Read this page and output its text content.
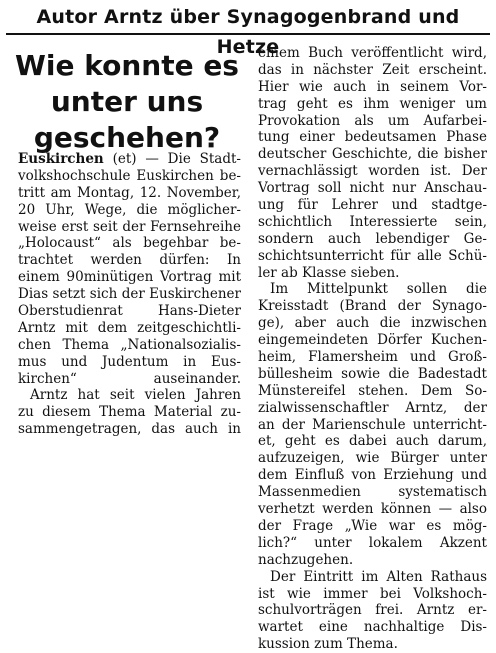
Autor Arntz über Synagogenbrand und Hetze
Wie konnte es
unter uns
geschehen?
Euskirchen (et) — Die Stadt-
volkshochschule Euskirchen be-
tritt am Montag, 12. November,
20 Uhr, Wege, die möglicher-
weise erst seit der Fernsehreihe
„Holocaust“ als begehbar be-
trachtet werden dürfen: In
einem 90minütigen Vortrag mit
Dias setzt sich der Euskirchener
Oberstudienrat Hans-Dieter
Arntz mit dem zeitgeschichtli-
chen Thema „Nationalsozialis-
mus und Judentum in Eus-
kirchen“ auseinander.
Arntz hat seit vielen Jahren
zu diesem Thema Material zu-
sammengetragen, das auch in
einem Buch veröffentlicht wird,
das in nächster Zeit erscheint.
Hier wie auch in seinem Vor-
trag geht es ihm weniger um
Provokation als um Aufarbei-
tung einer bedeutsamen Phase
deutscher Geschichte, die bisher
vernachlässigt worden ist. Der
Vortrag soll nicht nur Anschau-
ung für Lehrer und stadtge-
schichtlich Interessierte sein,
sondern auch lebendiger Ge-
schichtsunterricht für alle Schü-
ler ab Klasse sieben.
Im Mittelpunkt sollen die
Kreisstadt (Brand der Synago-
ge), aber auch die inzwischen
eingemeindeten Dörfer Kuchen-
heim, Flamersheim und Groß-
büllesheim sowie die Badestadt
Münstereifel stehen. Dem So-
zialwissenschaftler Arntz, der
an der Marienschule unterricht-
et, geht es dabei auch darum,
aufzuzeigen, wie Bürger unter
dem Einfluß von Erziehung und
Massenmedien systematisch
verhetzt werden können — also
der Frage „Wie war es mög-
lich?“ unter lokalem Akzent
nachzugehen.
Der Eintritt im Alten Rathaus
ist wie immer bei Volkshoch-
schulvorträgen frei. Arntz er-
wartet eine nachhaltige Dis-
kussion zum Thema.
